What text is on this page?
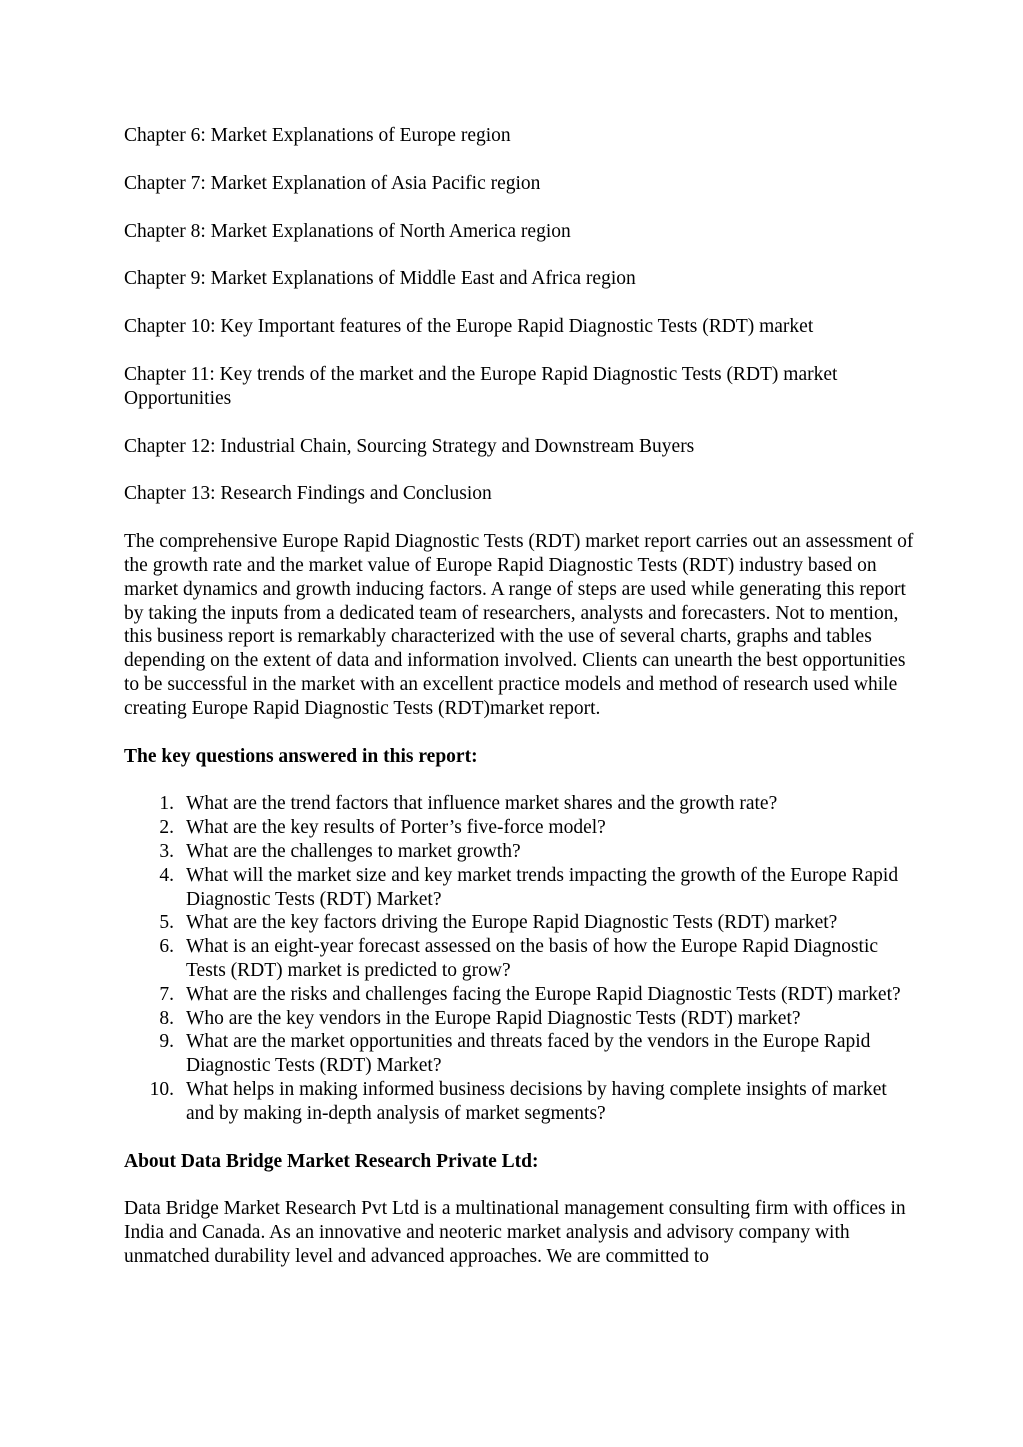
Chapter 6: Market Explanations of Europe region

Chapter 7: Market Explanation of Asia Pacific region

Chapter 8: Market Explanations of North America region

Chapter 9: Market Explanations of Middle East and Africa region

Chapter 10: Key Important features of the Europe Rapid Diagnostic Tests (RDT) market

Chapter 11: Key trends of the market and the Europe Rapid Diagnostic Tests (RDT) market Opportunities

Chapter 12: Industrial Chain, Sourcing Strategy and Downstream Buyers

Chapter 13: Research Findings and Conclusion

The comprehensive Europe Rapid Diagnostic Tests (RDT) market report carries out an assessment of the growth rate and the market value of Europe Rapid Diagnostic Tests (RDT) industry based on market dynamics and growth inducing factors. A range of steps are used while generating this report by taking the inputs from a dedicated team of researchers, analysts and forecasters. Not to mention, this business report is remarkably characterized with the use of several charts, graphs and tables depending on the extent of data and information involved. Clients can unearth the best opportunities to be successful in the market with an excellent practice models and method of research used while creating Europe Rapid Diagnostic Tests (RDT)market report.

The key questions answered in this report:

1. What are the trend factors that influence market shares and the growth rate?
2. What are the key results of Porter’s five-force model?
3. What are the challenges to market growth?
4. What will the market size and key market trends impacting the growth of the Europe Rapid Diagnostic Tests (RDT) Market?
5. What are the key factors driving the Europe Rapid Diagnostic Tests (RDT) market?
6. What is an eight-year forecast assessed on the basis of how the Europe Rapid Diagnostic Tests (RDT) market is predicted to grow?
7. What are the risks and challenges facing the Europe Rapid Diagnostic Tests (RDT) market?
8. Who are the key vendors in the Europe Rapid Diagnostic Tests (RDT) market?
9. What are the market opportunities and threats faced by the vendors in the Europe Rapid Diagnostic Tests (RDT) Market?
10. What helps in making informed business decisions by having complete insights of market and by making in-depth analysis of market segments?

About Data Bridge Market Research Private Ltd:

Data Bridge Market Research Pvt Ltd is a multinational management consulting firm with offices in India and Canada. As an innovative and neoteric market analysis and advisory company with unmatched durability level and advanced approaches. We are committed to
